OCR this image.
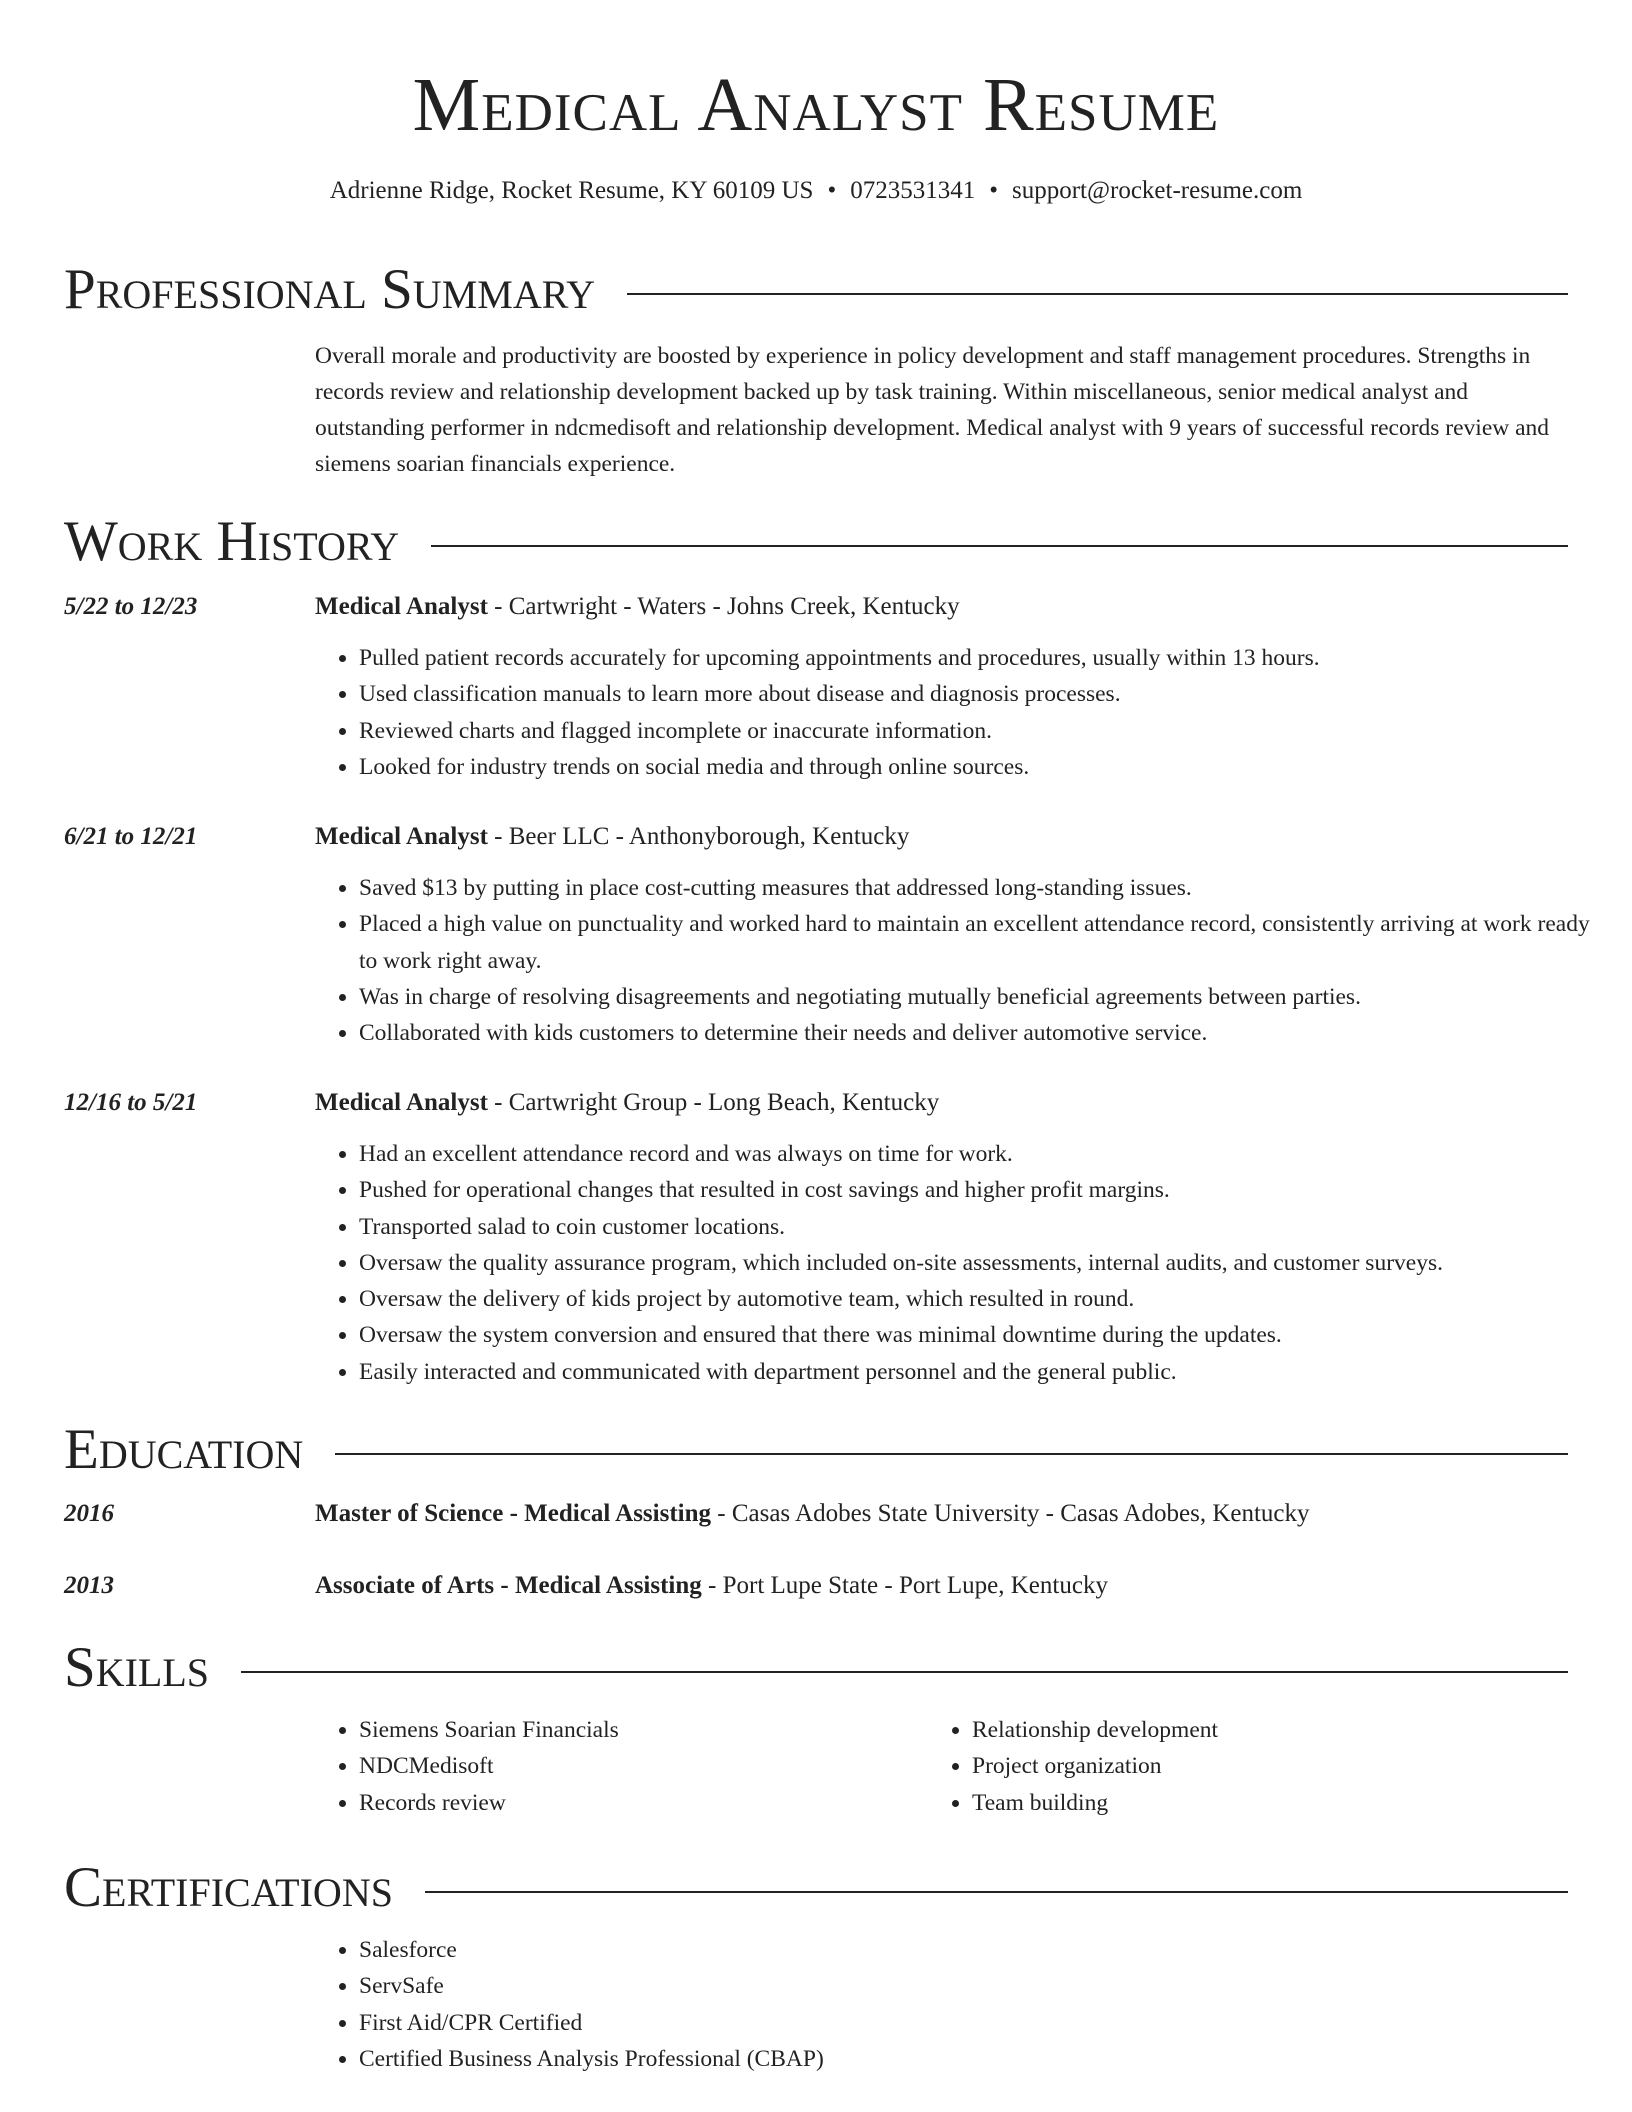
Medical Analyst Resume
Adrienne Ridge, Rocket Resume, KY 60109 US • 0723531341 • support@rocket-resume.com
Professional Summary

Overall morale and productivity are boosted by experience in policy development and staff management procedures. Strengths in records review and relationship development backed up by task training. Within miscellaneous, senior medical analyst and outstanding performer in ndcmedisoft and relationship development. Medical analyst with 9 years of successful records review and siemens soarian financials experience.

Work History
5/22 to 12/23	Medical Analyst - Cartwright - Waters - Johns Creek, Kentucky
• Pulled patient records accurately for upcoming appointments and procedures, usually within 13 hours.
• Used classification manuals to learn more about disease and diagnosis processes.
• Reviewed charts and flagged incomplete or inaccurate information.
• Looked for industry trends on social media and through online sources.
6/21 to 12/21	Medical Analyst - Beer LLC - Anthonyborough, Kentucky
• Saved $13 by putting in place cost-cutting measures that addressed long-standing issues.
• Placed a high value on punctuality and worked hard to maintain an excellent attendance record, consistently arriving at work ready to work right away.
• Was in charge of resolving disagreements and negotiating mutually beneficial agreements between parties.
• Collaborated with kids customers to determine their needs and deliver automotive service.
12/16 to 5/21	Medical Analyst - Cartwright Group - Long Beach, Kentucky
• Had an excellent attendance record and was always on time for work.
• Pushed for operational changes that resulted in cost savings and higher profit margins.
• Transported salad to coin customer locations.
• Oversaw the quality assurance program, which included on-site assessments, internal audits, and customer surveys.
• Oversaw the delivery of kids project by automotive team, which resulted in round.
• Oversaw the system conversion and ensured that there was minimal downtime during the updates.
• Easily interacted and communicated with department personnel and the general public.
Education
2016	Master of Science - Medical Assisting - Casas Adobes State University - Casas Adobes, Kentucky
2013	Associate of Arts - Medical Assisting - Port Lupe State - Port Lupe, Kentucky
Skills
• Siemens Soarian Financials
• NDCMedisoft
• Records review
• Relationship development
• Project organization
• Team building
Certifications
• Salesforce
• ServSafe
• First Aid/CPR Certified
• Certified Business Analysis Professional (CBAP)
